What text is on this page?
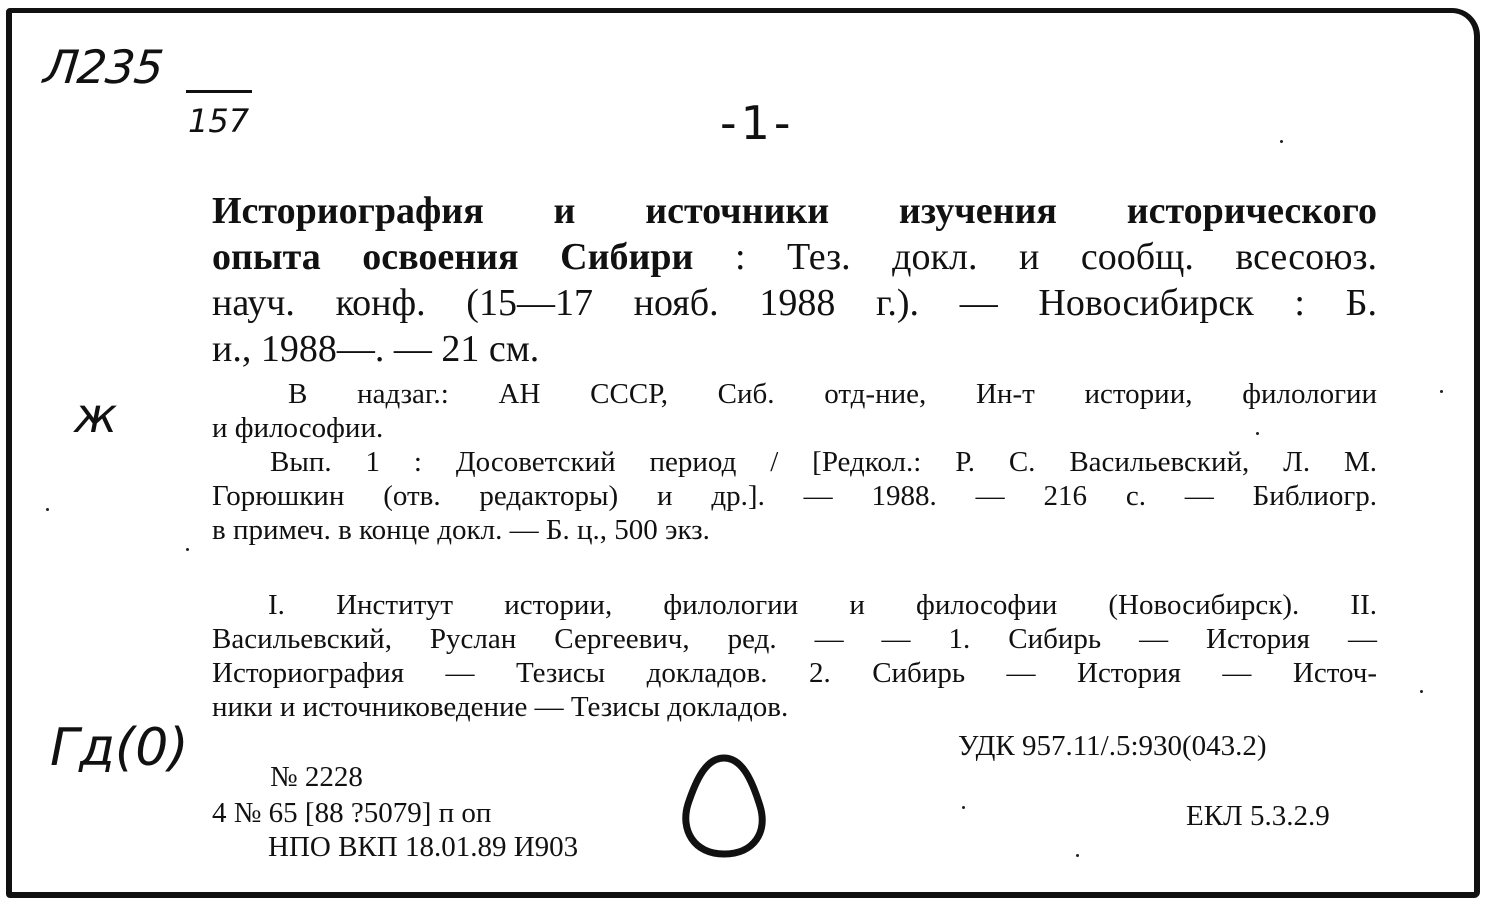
Л235
157	-1-
ж
Гд(0)
Историография и источники изучения исторического
опыта освоения Сибири : Тез. докл. и сообщ. всесоюз.
науч. конф. (15—17 нояб. 1988 г.). — Новосибирск : Б.
и., 1988—. — 21 см.
В надзаг.: АН СССР, Сиб. отд-ние, Ин-т истории, филологии
и философии.
Вып. 1 : Досоветский период / [Редкол.: Р. С. Васильевский, Л. М.
Горюшкин (отв. редакторы) и др.]. — 1988. — 216 с. — Библиогр.
в примеч. в конце докл. — Б. ц., 500 экз.
I. Институт истории, филологии и философии (Новосибирск). II.
Васильевский, Руслан Сергеевич, ред. — — 1. Сибирь — История —
Историография — Тезисы докладов. 2. Сибирь — История — Источ-
ники и источниковедение — Тезисы докладов.
УДК 957.11/.5:930(043.2)
№ 2228
4 № 65 [88 ?5079] п оп
НПО ВКП 18.01.89 И903
ЕКЛ 5.3.2.9
